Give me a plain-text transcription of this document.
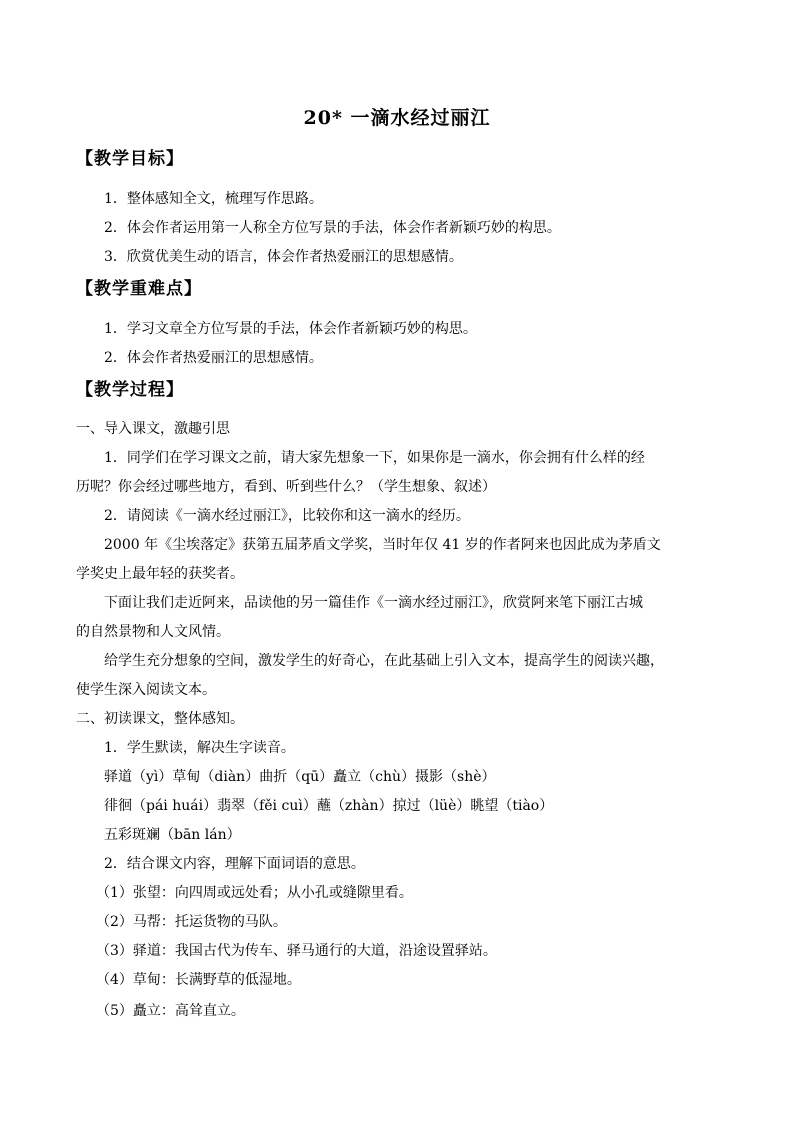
20* 一滴水经过丽江
【教学目标】
1．整体感知全文，梳理写作思路。
2．体会作者运用第一人称全方位写景的手法，体会作者新颖巧妙的构思。
3．欣赏优美生动的语言，体会作者热爱丽江的思想感情。
【教学重难点】
1．学习文章全方位写景的手法，体会作者新颖巧妙的构思。
2．体会作者热爱丽江的思想感情。
【教学过程】
一、导入课文，激趣引思
1．同学们在学习课文之前，请大家先想象一下，如果你是一滴水，你会拥有什么样的经
历呢？你会经过哪些地方，看到、听到些什么？（学生想象、叙述）
2．请阅读《一滴水经过丽江》，比较你和这一滴水的经历。
2000 年《尘埃落定》获第五届茅盾文学奖，当时年仅 41 岁的作者阿来也因此成为茅盾文
学奖史上最年轻的获奖者。
下面让我们走近阿来，品读他的另一篇佳作《一滴水经过丽江》，欣赏阿来笔下丽江古城
的自然景物和人文风情。
给学生充分想象的空间，激发学生的好奇心，在此基础上引入文本，提高学生的阅读兴趣，
使学生深入阅读文本。
二、初读课文，整体感知。
1．学生默读，解决生字读音。
驿道（yì）草甸（diàn）曲折（qū）矗立（chù）摄影（shè）
徘徊（pái huái）翡翠（fěi cuì）蘸（zhàn）掠过（lüè）眺望（tiào）
五彩斑斓（bān lán）
2．结合课文内容，理解下面词语的意思。
（1）张望：向四周或远处看；从小孔或缝隙里看。
（2）马帮：托运货物的马队。
（3）驿道：我国古代为传车、驿马通行的大道，沿途设置驿站。
（4）草甸：长满野草的低湿地。
（5）矗立：高耸直立。
